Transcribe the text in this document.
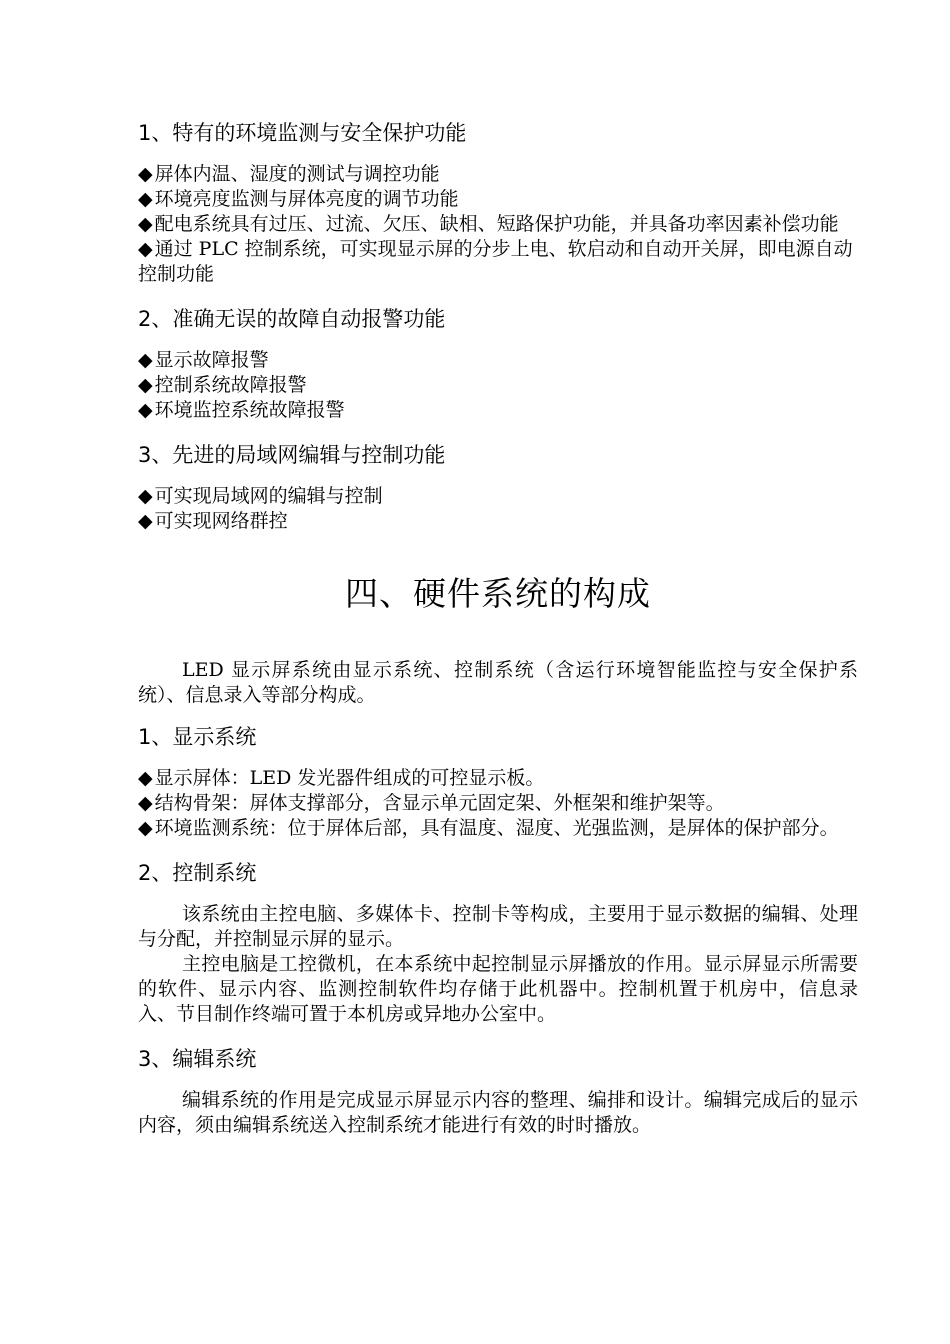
1、特有的环境监测与安全保护功能

◆ 屏体内温、湿度的测试与调控功能

◆ 环境亮度监测与屏体亮度的调节功能

◆ 配电系统具有过压、过流、欠压、缺相、短路保护功能，并具备功率因素补偿功能

◆ 通过 PLC 控制系统，可实现显示屏的分步上电、软启动和自动开关屏，即电源自动控制功能

2、准确无误的故障自动报警功能

◆ 显示故障报警

◆ 控制系统故障报警

◆ 环境监控系统故障报警

3、先进的局域网编辑与控制功能

◆ 可实现局域网的编辑与控制

◆ 可实现网络群控

四、硬件系统的构成

LED 显示屏系统由显示系统、控制系统（含运行环境智能监控与安全保护系统）、信息录入等部分构成。

1、显示系统

◆ 显示屏体：LED 发光器件组成的可控显示板。

◆ 结构骨架：屏体支撑部分，含显示单元固定架、外框架和维护架等。

◆ 环境监测系统：位于屏体后部，具有温度、湿度、光强监测，是屏体的保护部分。

2、控制系统

该系统由主控电脑、多媒体卡、控制卡等构成，主要用于显示数据的编辑、处理与分配，并控制显示屏的显示。

主控电脑是工控微机，在本系统中起控制显示屏播放的作用。显示屏显示所需要的软件、显示内容、监测控制软件均存储于此机器中。控制机置于机房中，信息录入、节目制作终端可置于本机房或异地办公室中。

3、编辑系统

编辑系统的作用是完成显示屏显示内容的整理、编排和设计。编辑完成后的显示内容，须由编辑系统送入控制系统才能进行有效的时时播放。
